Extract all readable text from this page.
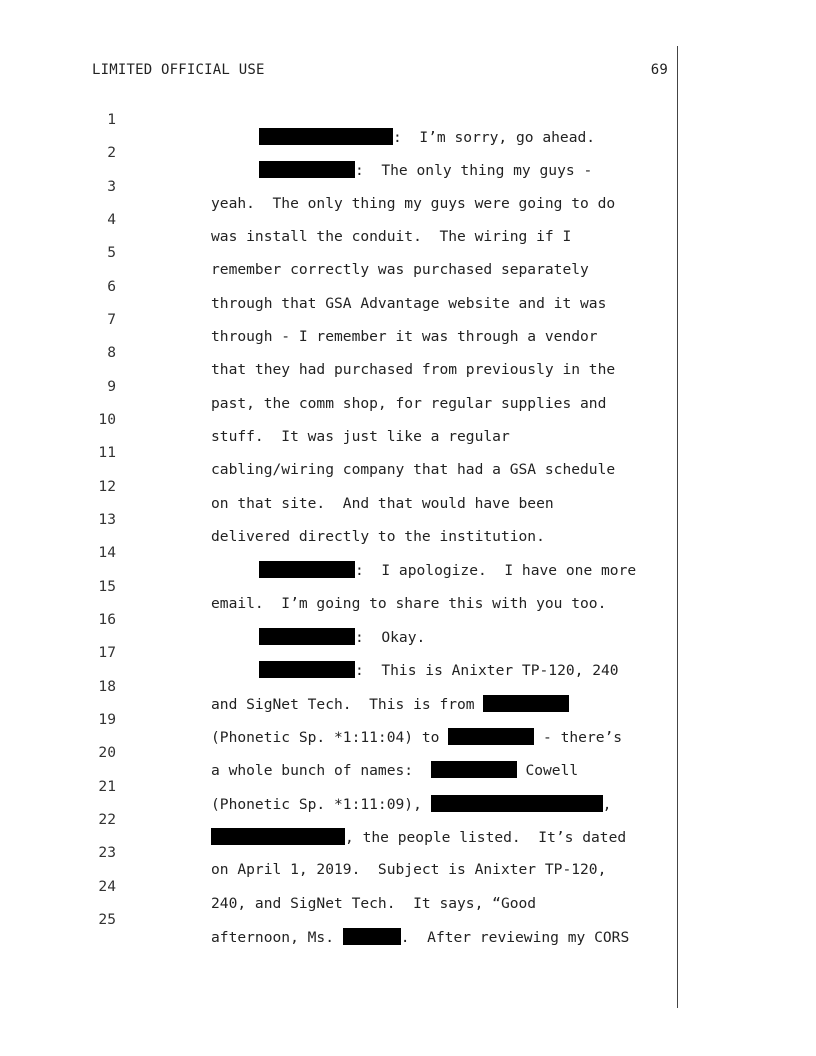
LIMITED OFFICIAL USE	69

1

:  I’m sorry, go ahead.

2

:  The only thing my guys -

3

yeah.  The only thing my guys were going to do

4

was install the conduit.  The wiring if I

5

remember correctly was purchased separately

6

through that GSA Advantage website and it was

7

through - I remember it was through a vendor

8

that they had purchased from previously in the

9

past, the comm shop, for regular supplies and

10

stuff.  It was just like a regular

11

cabling/wiring company that had a GSA schedule

12

on that site.  And that would have been

13

delivered directly to the institution.

14

:  I apologize.  I have one more

15

email.  I’m going to share this with you too.

16

:  Okay.

17

:  This is Anixter TP-120, 240

18

and SigNet Tech.  This is from

19

(Phonetic Sp. *1:11:04) to	- there’s

20

a whole bunch of names:	Cowell

21

(Phonetic Sp. *1:11:09),	,

22

, the people listed.  It’s dated

23

on April 1, 2019.  Subject is Anixter TP-120,

24

240, and SigNet Tech.  It says, “Good

25

afternoon, Ms.	.  After reviewing my CORS
